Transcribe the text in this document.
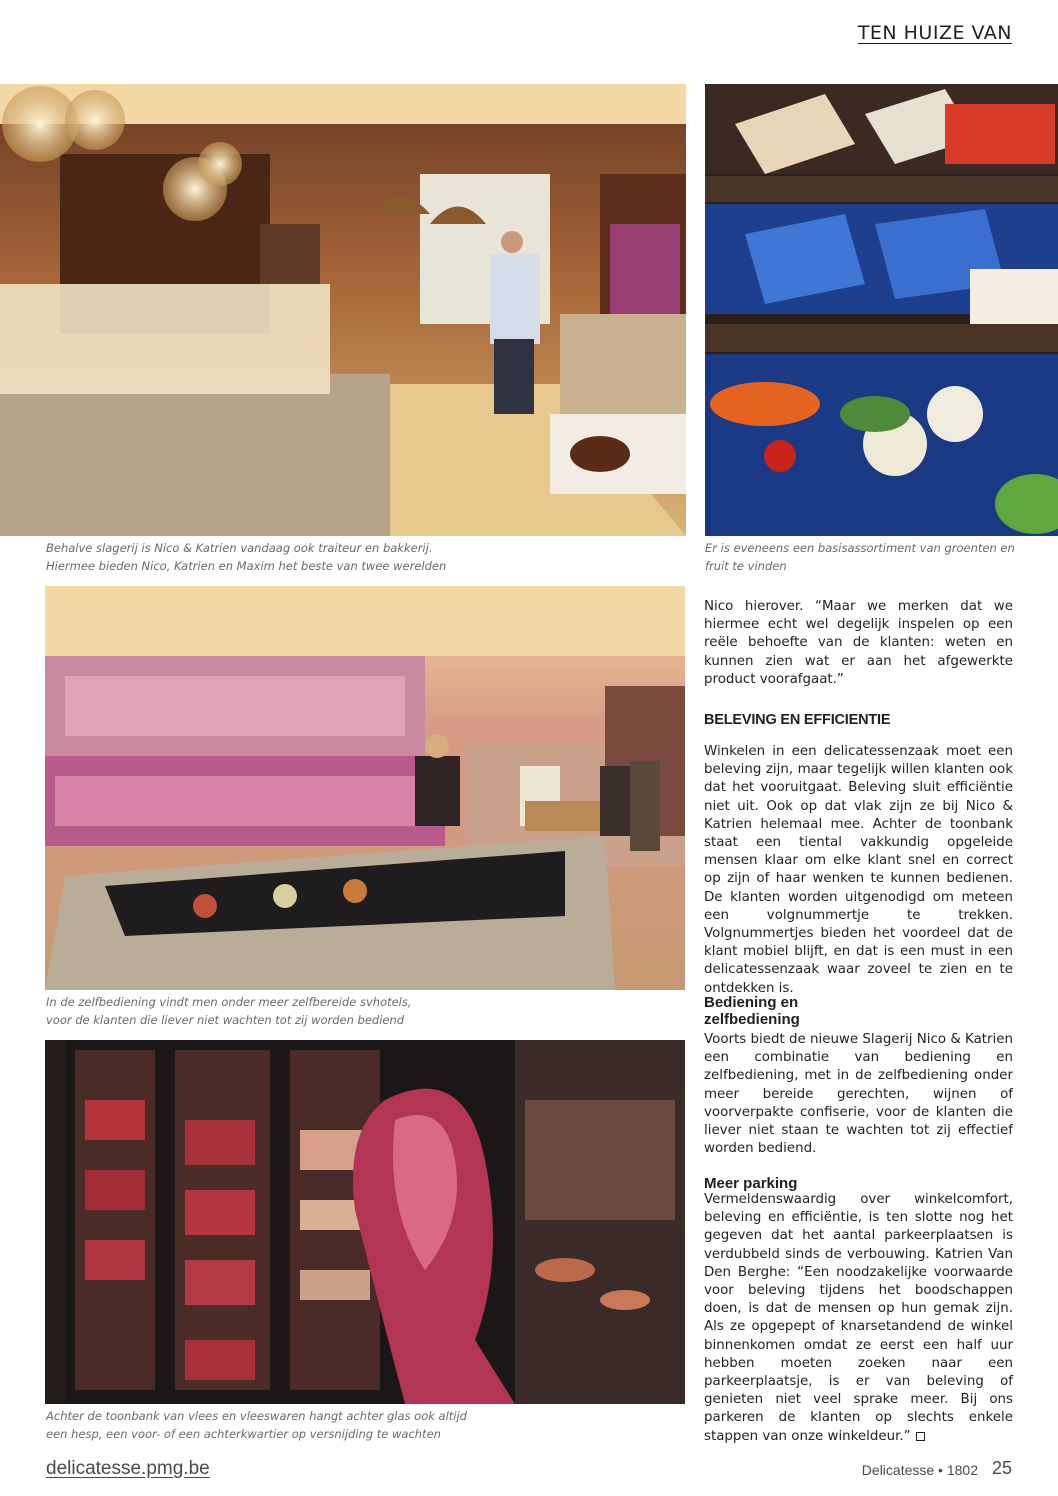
TEN HUIZE VAN
Behalve slagerij is Nico & Katrien vandaag ook traiteur en bakkerij.
Hiermee bieden Nico, Katrien en Maxim het beste van twee werelden
Er is eveneens een basisassortiment van groenten en
fruit te vinden
In de zelfbediening vindt men onder meer zelfbereide svhotels,
voor de klanten die liever niet wachten tot zij worden bediend
Achter de toonbank van vlees en vleeswaren hangt achter glas ook altijd
een hesp, een voor- of een achterkwartier op versnijding te wachten
Nico hierover. “Maar we merken dat we hiermee echt wel degelijk inspelen op een reële behoefte van de klanten: weten en kunnen zien wat er aan het afgewerkte product voorafgaat.”
BELEVING EN EFFICIENTIE
Winkelen in een delicatessenzaak moet een beleving zijn, maar tegelijk willen klanten ook dat het vooruitgaat. Beleving sluit efficiëntie niet uit. Ook op dat vlak zijn ze bij Nico & Katrien helemaal mee. Achter de toonbank staat een tiental vakkundig opgeleide mensen klaar om elke klant snel en correct op zijn of haar wenken te kunnen bedienen. De klanten worden uitgenodigd om meteen een volgnummertje te trekken. Volgnummertjes bieden het voordeel dat de klant mobiel blijft, en dat is een must in een delicatessenzaak waar zoveel te zien en te ontdekken is.
Bediening en
zelfbediening
Voorts biedt de nieuwe Slagerij Nico & Katrien een combinatie van bediening en zelfbediening, met in de zelfbediening onder meer bereide gerechten, wijnen of voorverpakte confiserie, voor de klanten die liever niet staan te wachten tot zij effectief worden bediend.
Meer parking
Vermeldenswaardig over winkelcomfort, beleving en efficiëntie, is ten slotte nog het gegeven dat het aantal parkeerplaatsen is verdubbeld sinds de verbouwing. Katrien Van Den Berghe: “Een noodzakelijke voorwaarde voor beleving tijdens het boodschappen doen, is dat de mensen op hun gemak zijn. Als ze opgepept of knarsetandend de winkel binnenkomen omdat ze eerst een half uur hebben moeten zoeken naar een parkeerplaatsje, is er van beleving of genieten niet veel sprake meer. Bij ons parkeren de klanten op slechts enkele stappen van onze winkeldeur.”
delicatesse.pmg.be	Delicatesse • 1802 25
